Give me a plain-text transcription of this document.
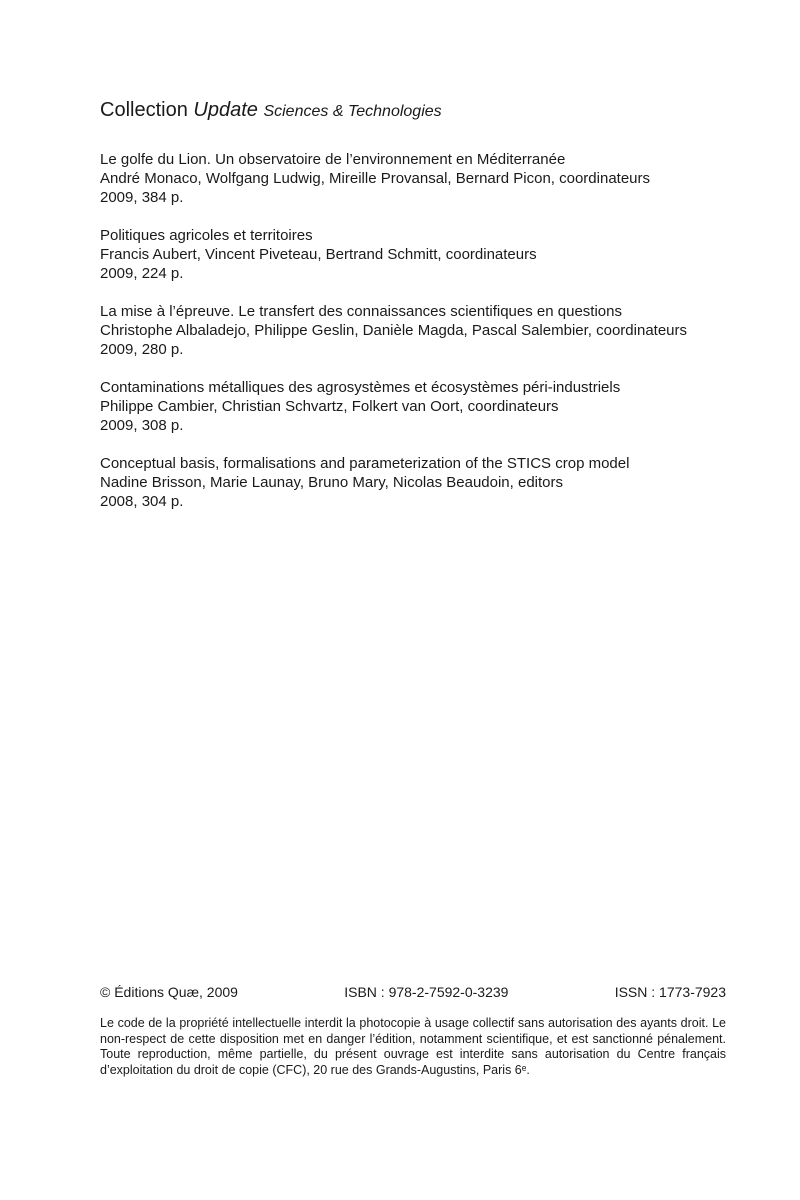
Collection Update Sciences & Technologies
Le golfe du Lion. Un observatoire de l’environnement en Méditerranée
André Monaco, Wolfgang Ludwig, Mireille Provansal, Bernard Picon, coordinateurs
2009, 384 p.
Politiques agricoles et territoires
Francis Aubert, Vincent Piveteau, Bertrand Schmitt, coordinateurs
2009, 224 p.
La mise à l’épreuve. Le transfert des connaissances scientifiques en questions
Christophe Albaladejo, Philippe Geslin, Danièle Magda, Pascal Salembier, coordinateurs
2009, 280 p.
Contaminations métalliques des agrosystèmes et écosystèmes péri-industriels
Philippe Cambier, Christian Schvartz, Folkert van Oort, coordinateurs
2009, 308 p.
Conceptual basis, formalisations and parameterization of the STICS crop model
Nadine Brisson, Marie Launay, Bruno Mary, Nicolas Beaudoin, editors
2008, 304 p.
© Éditions Quæ, 2009	ISBN : 978-2-7592-0-3239	ISSN : 1773-7923
Le code de la propriété intellectuelle interdit la photocopie à usage collectif sans autorisation des ayants droit. Le non-respect de cette disposition met en danger l’édition, notamment scientifique, et est sanctionné pénalement. Toute reproduction, même partielle, du présent ouvrage est interdite sans autorisation du Centre français d’exploitation du droit de copie (CFC), 20 rue des Grands-Augustins, Paris 6ᵉ.
